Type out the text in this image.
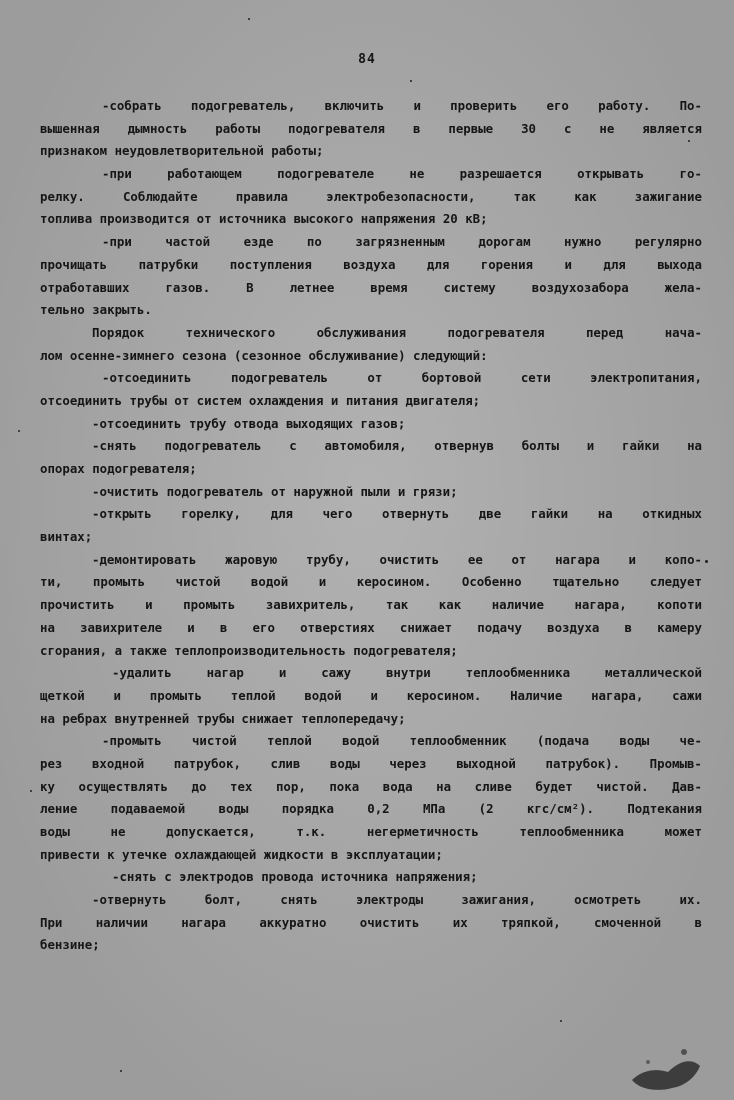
84
-собрать подогреватель, включить и проверить его работу. По-
вышенная дымность работы подогревателя в первые 30 с не является
признаком неудовлетворительной работы;
-при	работающем	подогревателе	не	разрешается	открывать	го-
релку.	Соблюдайте	правила	электробезопасности,	так	как	зажигание
топлива производится от источника высокого напряжения 20 кВ;
-при	частой	езде	по	загрязненным	дорогам	нужно	регулярно
прочищать	патрубки	поступления	воздуха	для	горения	и	для	выхода
отработавших	газов.	В	летнее	время	систему	воздухозабора	жела-
тельно закрыть.
Порядок	технического	обслуживания	подогревателя	перед	нача-
лом осенне-зимнего сезона (сезонное обслуживание) следующий:
-отсоединить	подогреватель	от	бортовой	сети	электропитания,
отсоединить трубы от систем охлаждения и питания двигателя;
-отсоединить трубу отвода выходящих газов;
-снять подогреватель с автомобиля, отвернув болты и гайки на
опорах подогревателя;
-очистить подогреватель от наружной пыли и грязи;
-открыть горелку, для чего отвернуть две гайки на откидных
винтах;
-демонтировать жаровую трубу, очистить ее от нагара и копо-
ти, промыть чистой водой и керосином. Особенно тщательно следует
прочистить и промыть завихритель, так как наличие нагара, копоти
на завихрителе и в его отверстиях снижает подачу воздуха в камеру
сгорания, а также теплопроизводительность подогревателя;
-удалить	нагар	и	сажу	внутри	теплообменника	металлической
щеткой и промыть теплой водой и керосином. Наличие нагара, сажи
на ребрах внутренней трубы снижает теплопередачу;
-промыть чистой теплой водой теплообменник (подача воды че-
рез входной патрубок, слив воды через выходной патрубок). Промыв-
ку осуществлять до тех пор, пока вода на сливе будет чистой. Дав-
ление	подаваемой	воды	порядка	0,2	МПа	(2	кгс/см²).	Подтекания
воды	не	допускается,	т.к.	негерметичность	теплообменника	может
привести к утечке охлаждающей жидкости в эксплуатации;
-снять с электродов провода источника напряжения;
-отвернуть	болт,	снять	электроды	зажигания,	осмотреть	их.
При	наличии	нагара	аккуратно	очистить	их	тряпкой,	смоченной	в
бензине;
